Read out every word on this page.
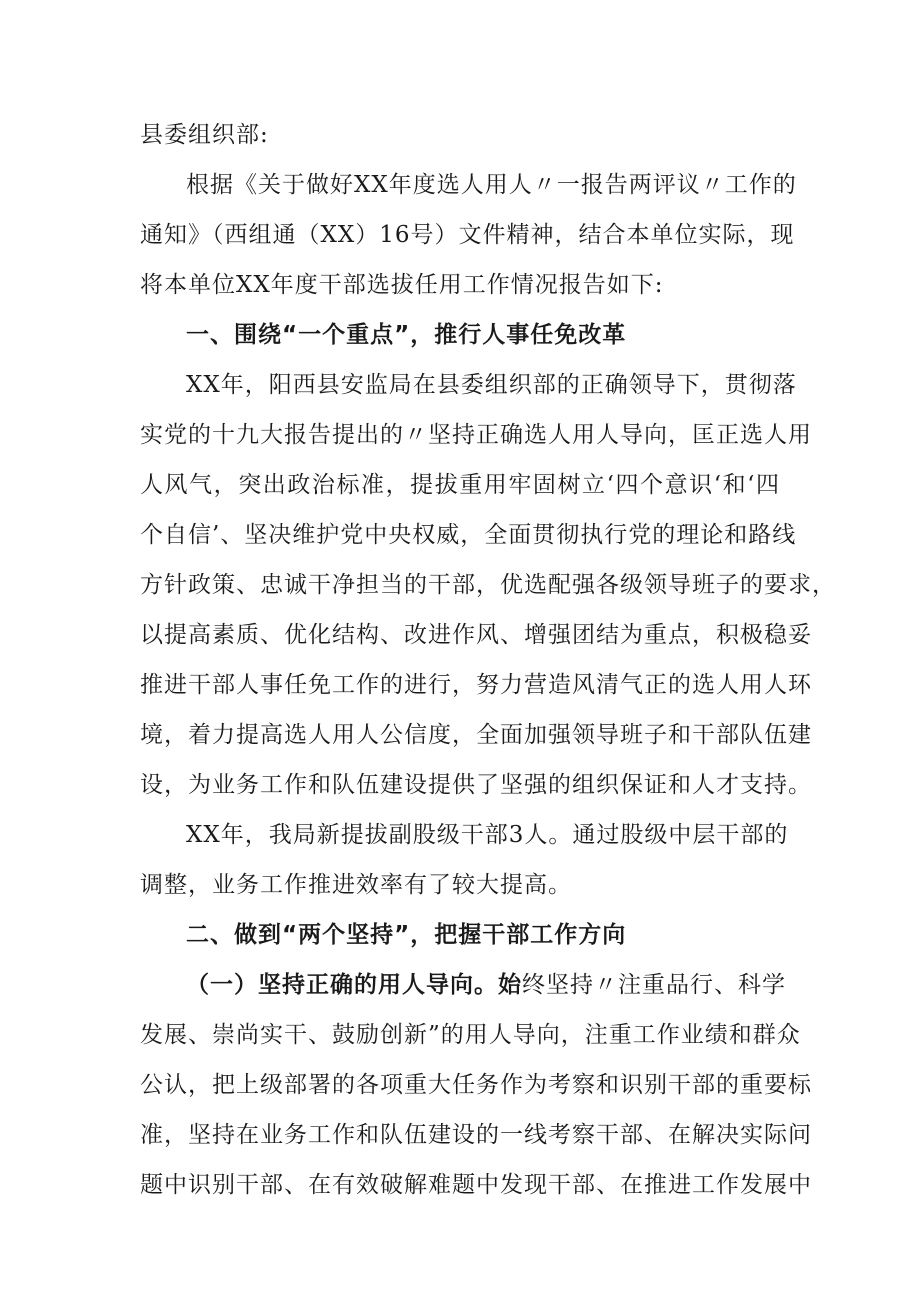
县委组织部:
根据《关于做好XX年度选人用人〃一报告两评议〃工作的
通知》（西组通（XX）16号）文件精神，结合本单位实际，现
将本单位XX年度干部选拔任用工作情况报告如下:
一、围绕“一个重点”，推行人事任免改革
XX年，阳西县安监局在县委组织部的正确领导下，贯彻落
实党的十九大报告提出的〃坚持正确选人用人导向，匡正选人用
人风气，突出政治标准，提拔重用牢固树立‘四个意识‘和‘四
个自信’、坚决维护党中央权威，全面贯彻执行党的理论和路线
方针政策、忠诚干净担当的干部，优选配强各级领导班子的要求，
以提高素质、优化结构、改进作风、增强团结为重点，积极稳妥
推进干部人事任免工作的进行，努力营造风清气正的选人用人环
境，着力提高选人用人公信度，全面加强领导班子和干部队伍建
设，为业务工作和队伍建设提供了坚强的组织保证和人才支持。
XX年，我局新提拔副股级干部3人。通过股级中层干部的
调整，业务工作推进效率有了较大提高。
二、做到“两个坚持”，把握干部工作方向
（一）坚持正确的用人导向。始终坚持〃注重品行、科学
发展、崇尚实干、鼓励创新”的用人导向，注重工作业绩和群众
公认，把上级部署的各项重大任务作为考察和识别干部的重要标
准，坚持在业务工作和队伍建设的一线考察干部、在解决实际问
题中识别干部、在有效破解难题中发现干部、在推进工作发展中
